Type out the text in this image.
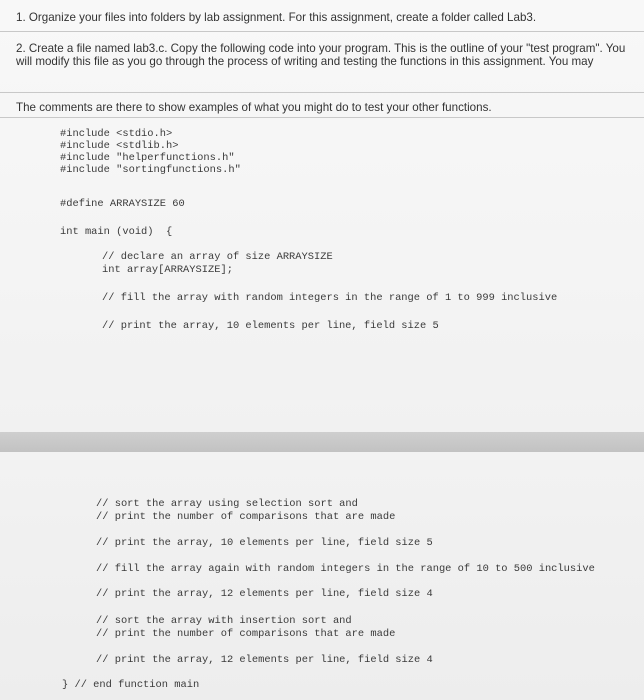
1. Organize your files into folders by lab assignment. For this assignment, create a folder called Lab3.
2. Create a file named lab3.c. Copy the following code into your program. This is the outline of your "test program". You will modify this file as you go through the process of writing and testing the functions in this assignment. You may
The comments are there to show examples of what you might do to test your other functions.
#include <stdio.h>
#include <stdlib.h>
#include "helperfunctions.h"
#include "sortingfunctions.h"
#define ARRAYSIZE 60
int main (void)  {
// declare an array of size ARRAYSIZE
int array[ARRAYSIZE];
// fill the array with random integers in the range of 1 to 999 inclusive
// print the array, 10 elements per line, field size 5
// sort the array using selection sort and
// print the number of comparisons that are made
// print the array, 10 elements per line, field size 5
// fill the array again with random integers in the range of 10 to 500 inclusive
// print the array, 12 elements per line, field size 4
// sort the array with insertion sort and
// print the number of comparisons that are made
// print the array, 12 elements per line, field size 4
} // end function main
